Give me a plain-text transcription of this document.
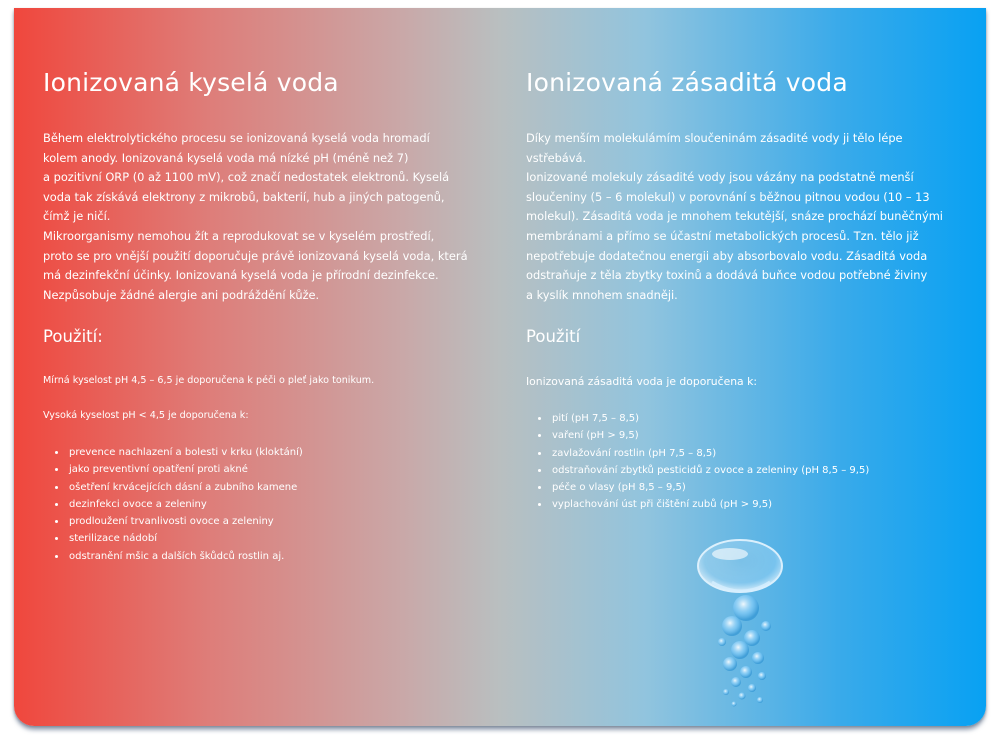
Ionizovaná kyselá voda
Během elektrolytického procesu se ionizovaná kyselá voda hromadí
kolem anody. Ionizovaná kyselá voda má nízké pH (méně než 7)
a pozitivní ORP (0 až 1100 mV), což značí nedostatek elektronů. Kyselá
voda tak získává elektrony z mikrobů, bakterií, hub a jiných patogenů,
čímž je ničí.
Mikroorganismy nemohou žít a reprodukovat se v kyselém prostředí,
proto se pro vnější použití doporučuje právě ionizovaná kyselá voda, která
má dezinfekční účinky. Ionizovaná kyselá voda je přírodní dezinfekce.
Nezpůsobuje žádné alergie ani podráždění kůže.
Použití:
Mírná kyselost pH 4,5 – 6,5 je doporučena k péči o pleť jako tonikum.
Vysoká kyselost pH < 4,5 je doporučena k:
• prevence nachlazení a bolesti v krku (kloktání)
• jako preventivní opatření proti akné
• ošetření krvácejících dásní a zubního kamene
• dezinfekci ovoce a zeleniny
• prodloužení trvanlivosti ovoce a zeleniny
• sterilizace nádobí
• odstranění mšic a dalších škůdců rostlin aj.
Ionizovaná zásaditá voda
Díky menším molekulámím sloučeninám zásadité vody ji tělo lépe
vstřebává.
Ionizované molekuly zásadité vody jsou vázány na podstatně menší
sloučeniny (5 – 6 molekul) v porovnání s běžnou pitnou vodou (10 – 13
molekul). Zásaditá voda je mnohem tekutější, snáze prochází buněčnými
membránami a přímo se účastní metabolických procesů. Tzn. tělo již
nepotřebuje dodatečnou energii aby absorbovalo vodu. Zásaditá voda
odstraňuje z těla zbytky toxinů a dodává buňce vodou potřebné živiny
a kyslík mnohem snadněji.
Použití
Ionizovaná zásaditá voda je doporučena k:
• pití (pH 7,5 – 8,5)
• vaření (pH > 9,5)
• zavlažování rostlin (pH 7,5 – 8,5)
• odstraňování zbytků pesticidů z ovoce a zeleniny (pH 8,5 – 9,5)
• péče o vlasy (pH 8,5 – 9,5)
• vyplachování úst při čištění zubů (pH > 9,5)
